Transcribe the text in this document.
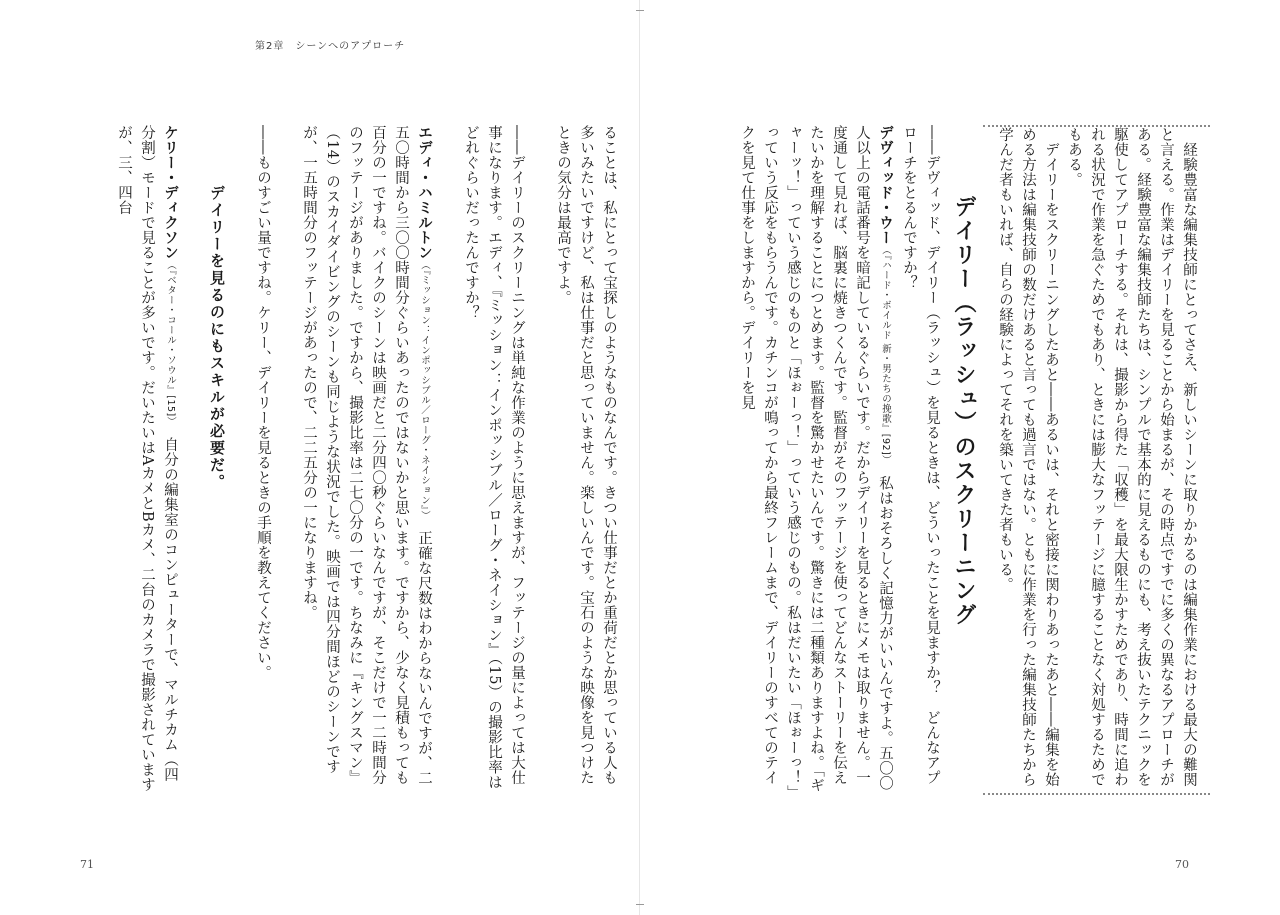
第2章　シーンへのアプローチ

経験豊富な編集技師にとってさえ、新しいシーンに取りかかるのは編集作業における最大の難関と言える。作業はデイリーを見ることから始まるが、その時点ですでに多くの異なるアプローチがある。経験豊富な編集技師たちは、シンプルで基本的に見えるものにも、考え抜いたテクニックを駆使してアプローチする。それは、撮影から得た「収穫」を最大限生かすためであり、時間に追われる状況で作業を急ぐためでもあり、ときには膨大なフッテージに臆することなく対処するためでもある。

デイリーをスクリーニングしたあと――あるいは、それと密接に関わりあったあと――編集を始める方法は編集技師の数だけあると言っても過言ではない。ともに作業を行った編集技師たちから学んだ者もいれば、自らの経験によってそれを築いてきた者もいる。

デイリー（ラッシュ）のスクリーニング

――デヴィッド、デイリー（ラッシュ）を見るときは、どういったことを見ますか？　どんなアプローチをとるんですか？

デヴィッド・ウー（『ハード・ボイルド 新・男たちの挽歌』[92]）　私はおそろしく記憶力がいいんですよ。五〇〇人以上の電話番号を暗記しているぐらいです。だからデイリーを見るときにメモは取りません。一度通して見れば、脳裏に焼きつくんです。監督がそのフッテージを使ってどんなストーリーを伝えたいかを理解することにつとめます。監督を驚かせたいんです。驚きには二種類ありますよね。「ギャーッ！」っていう感じのものと「ほぉーっ！」っていう感じのもの。私はだいたい「ほぉーっ！」っていう反応をもらうんです。カチンコが鳴ってから最終フレームまで、デイリーのすべてのテイクを見て仕事をしますから。デイリーを見

ることは、私にとって宝探しのようなものなんです。きつい仕事だとか重荷だとか思っている人も多いみたいですけど、私は仕事だと思っていません。楽しいんです。宝石のような映像を見つけたときの気分は最高ですよ。

――デイリーのスクリーニングは単純な作業のように思えますが、フッテージの量によっては大仕事になります。エディ、『ミッション：インポッシブル／ローグ・ネイション』（15）の撮影比率はどれぐらいだったんですか？

エディ・ハミルトン（『ミッション：インポッシブル／ローグ・ネイション』）　正確な尺数はわからないんですが、二五〇時間から三〇〇時間分ぐらいあったのではないかと思います。ですから、少なく見積もっても百分の一ですね。バイクのシーンは映画だと二分四〇秒ぐらいなんですが、そこだけで一二時間分のフッテージがありました。ですから、撮影比率は二七〇分の一です。ちなみに『キングスマン』（14）のスカイダイビングのシーンも同じような状況でした。映画では四分間ほどのシーンですが、一五時間分のフッテージがあったので、二二五分の一になりますね。

――ものすごい量ですね。ケリー、デイリーを見るときの手順を教えてください。

デイリーを見るのにもスキルが必要だ。

ケリー・ディクソン（『ベター・コール・ソウル』[15]）　自分の編集室のコンピューターで、マルチカム（四分割）モードで見ることが多いです。だいたいはAカメとBカメ、二台のカメラで撮影されていますが、三、四台

71	70
